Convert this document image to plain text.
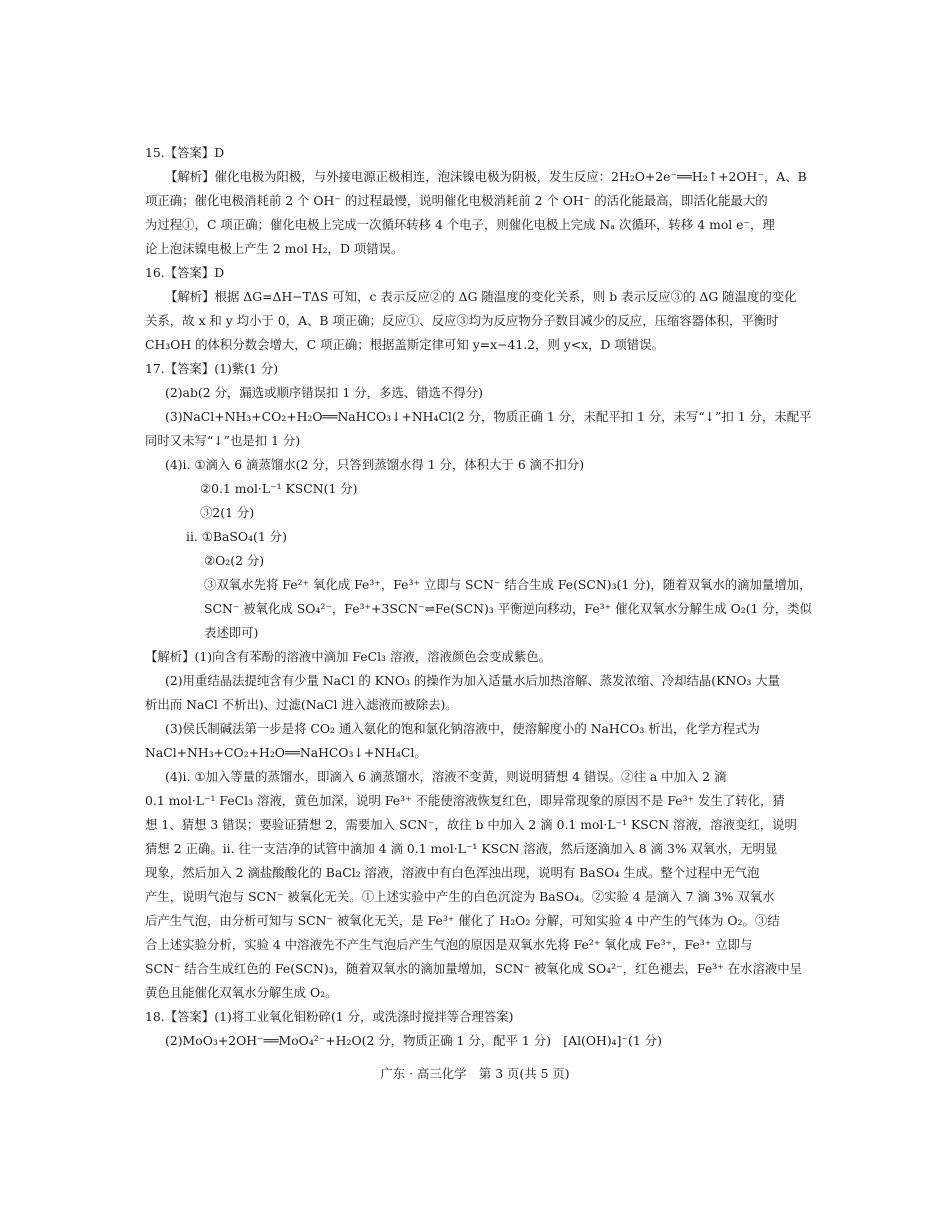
15.【答案】D
【解析】催化电极为阳极，与外接电源正极相连，泡沫镍电极为阴极，发生反应：2H₂O+2e⁻══H₂↑+2OH⁻，A、B
项正确；催化电极消耗前 2 个 OH⁻ 的过程最慢，说明催化电极消耗前 2 个 OH⁻ 的活化能最高，即活化能最大的
为过程①，C 项正确；催化电极上完成一次循环转移 4 个电子，则催化电极上完成 Nₐ 次循环，转移 4 mol e⁻，理
论上泡沫镍电极上产生 2 mol H₂，D 项错误。
16.【答案】D
【解析】根据 ΔG=ΔH−TΔS 可知，c 表示反应②的 ΔG 随温度的变化关系，则 b 表示反应③的 ΔG 随温度的变化
关系，故 x 和 y 均小于 0，A、B 项正确；反应①、反应③均为反应物分子数目减少的反应，压缩容器体积，平衡时
CH₃OH 的体积分数会增大，C 项正确；根据盖斯定律可知 y=x−41.2，则 y<x，D 项错误。
17.【答案】(1)紫(1 分)
(2)ab(2 分，漏选或顺序错误扣 1 分，多选、错选不得分)
(3)NaCl+NH₃+CO₂+H₂O══NaHCO₃↓+NH₄Cl(2 分，物质正确 1 分，未配平扣 1 分，未写“↓”扣 1 分，未配平
同时又未写“↓”也是扣 1 分)
(4)i. ①滴入 6 滴蒸馏水(2 分，只答到蒸馏水得 1 分，体积大于 6 滴不扣分)
②0.1 mol·L⁻¹ KSCN(1 分)
③2(1 分)
ii. ①BaSO₄(1 分)
②O₂(2 分)
③双氧水先将 Fe²⁺ 氧化成 Fe³⁺，Fe³⁺ 立即与 SCN⁻ 结合生成 Fe(SCN)₃(1 分)，随着双氧水的滴加量增加，
SCN⁻ 被氧化成 SO₄²⁻，Fe³⁺+3SCN⁻⇌Fe(SCN)₃ 平衡逆向移动，Fe³⁺ 催化双氧水分解生成 O₂(1 分，类似
表述即可)
【解析】(1)向含有苯酚的溶液中滴加 FeCl₃ 溶液，溶液颜色会变成紫色。
(2)用重结晶法提纯含有少量 NaCl 的 KNO₃ 的操作为加入适量水后加热溶解、蒸发浓缩、冷却结晶(KNO₃ 大量
析出而 NaCl 不析出)、过滤(NaCl 进入滤液而被除去)。
(3)侯氏制碱法第一步是将 CO₂ 通入氨化的饱和氯化钠溶液中，使溶解度小的 NaHCO₃ 析出，化学方程式为
NaCl+NH₃+CO₂+H₂O══NaHCO₃↓+NH₄Cl。
(4)i. ①加入等量的蒸馏水，即滴入 6 滴蒸馏水，溶液不变黄，则说明猜想 4 错误。②往 a 中加入 2 滴
0.1 mol·L⁻¹ FeCl₃ 溶液，黄色加深，说明 Fe³⁺ 不能使溶液恢复红色，即异常现象的原因不是 Fe³⁺ 发生了转化，猜
想 1、猜想 3 错误；要验证猜想 2，需要加入 SCN⁻，故往 b 中加入 2 滴 0.1 mol·L⁻¹ KSCN 溶液，溶液变红，说明
猜想 2 正确。ii. 往一支洁净的试管中滴加 4 滴 0.1 mol·L⁻¹ KSCN 溶液，然后逐滴加入 8 滴 3% 双氧水，无明显
现象，然后加入 2 滴盐酸酸化的 BaCl₂ 溶液，溶液中有白色浑浊出现，说明有 BaSO₄ 生成。整个过程中无气泡
产生，说明气泡与 SCN⁻ 被氧化无关。①上述实验中产生的白色沉淀为 BaSO₄。②实验 4 是滴入 7 滴 3% 双氧水
后产生气泡，由分析可知与 SCN⁻ 被氧化无关，是 Fe³⁺ 催化了 H₂O₂ 分解，可知实验 4 中产生的气体为 O₂。③结
合上述实验分析，实验 4 中溶液先不产生气泡后产生气泡的原因是双氧水先将 Fe²⁺ 氧化成 Fe³⁺，Fe³⁺ 立即与
SCN⁻ 结合生成红色的 Fe(SCN)₃，随着双氧水的滴加量增加，SCN⁻ 被氧化成 SO₄²⁻，红色褪去，Fe³⁺ 在水溶液中呈
黄色且能催化双氧水分解生成 O₂。
18.【答案】(1)将工业氧化钼粉碎(1 分，或洗涤时搅拌等合理答案)
(2)MoO₃+2OH⁻══MoO₄²⁻+H₂O(2 分，物质正确 1 分，配平 1 分)　[Al(OH)₄]⁻(1 分)
广东 · 高三化学　第 3 页(共 5 页)
